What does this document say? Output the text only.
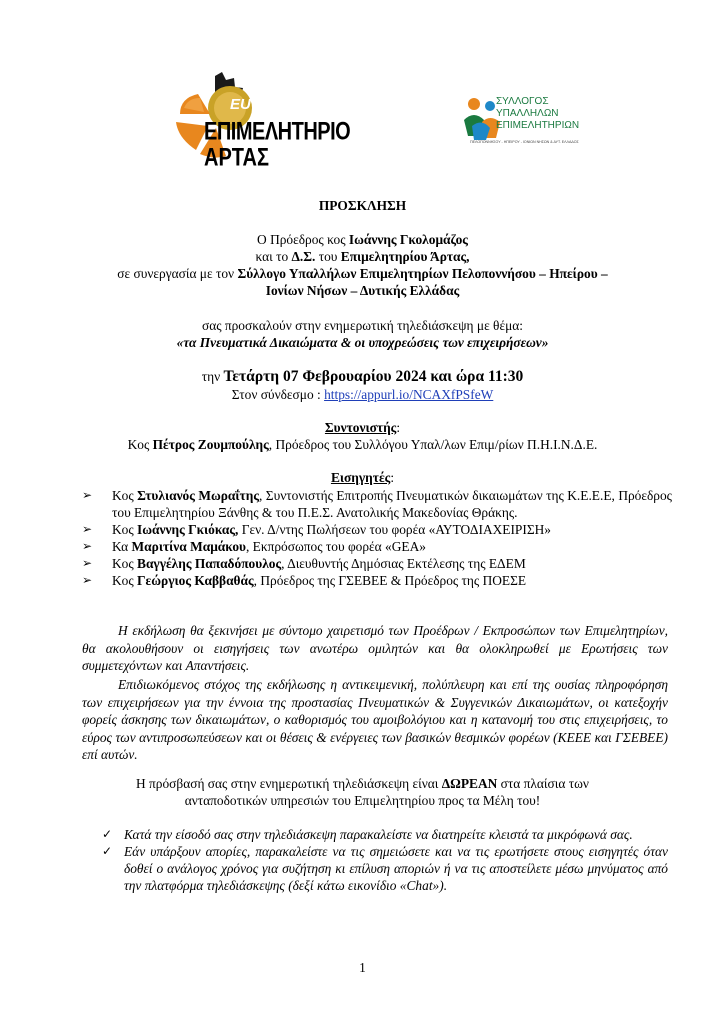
EU
ΕΠΙΜΕΛΗΤΗΡΙΟ
ΑΡΤΑΣ
ΣΥΛΛΟΓΟΣ
ΥΠΑΛΛΗΛΩΝ
ΕΠΙΜΕΛΗΤΗΡΙΩΝ
ΠΕΛΟΠΟΝΝΗΣΟΥ - ΗΠΕΙΡΟΥ - ΙΟΝΙΩΝ ΝΗΣΩΝ & ΔΥΤ. ΕΛΛΑΔΟΣ
ΠΡΟΣΚΛΗΣΗ
Ο Πρόεδρος κος Ιωάννης Γκολομάζος
και το Δ.Σ. του Επιμελητηρίου Άρτας,
σε συνεργασία με τον Σύλλογο Υπαλλήλων Επιμελητηρίων Πελοποννήσου – Ηπείρου –
Ιονίων Νήσων – Δυτικής Ελλάδας
σας προσκαλούν στην ενημερωτική τηλεδιάσκεψη με θέμα:
«τα Πνευματικά Δικαιώματα & οι υποχρεώσεις των επιχειρήσεων»
την Τετάρτη 07 Φεβρουαρίου 2024 και ώρα 11:30
Στον σύνδεσμο : https://appurl.io/NCAXfPSfeW
Συντονιστής:
Κος Πέτρος Ζουμπούλης, Πρόεδρος του Συλλόγου Υπαλ/λων Επιμ/ρίων Π.Η.Ι.Ν.Δ.Ε.
Εισηγητές:
➢ Κος Στυλιανός Μωραΐτης, Συντονιστής Επιτροπής Πνευματικών δικαιωμάτων της Κ.Ε.Ε.Ε, Πρόεδρος του Επιμελητηρίου Ξάνθης & του Π.Ε.Σ. Ανατολικής Μακεδονίας Θράκης.
➢ Κος Ιωάννης Γκιόκας, Γεν. Δ/ντης Πωλήσεων του φορέα «ΑΥΤΟΔΙΑΧΕΙΡΙΣΗ»
➢ Κα Μαριτίνα Μαμάκου, Εκπρόσωπος του φορέα «GEA»
➢ Κος Βαγγέλης Παπαδόπουλος, Διευθυντής Δημόσιας Εκτέλεσης της ΕΔΕΜ
➢ Κος Γεώργιος Καββαθάς, Πρόεδρος της ΓΣΕΒΕΕ & Πρόεδρος της ΠΟΕΣΕ
Η εκδήλωση θα ξεκινήσει με σύντομο χαιρετισμό των Προέδρων / Εκπροσώπων των Επιμελητηρίων, θα ακολουθήσουν οι εισηγήσεις των ανωτέρω ομιλητών και θα ολοκληρωθεί με Ερωτήσεις των συμμετεχόντων και Απαντήσεις.
Επιδιωκόμενος στόχος της εκδήλωσης η αντικειμενική, πολύπλευρη και επί της ουσίας πληροφόρηση των επιχειρήσεων για την έννοια της προστασίας Πνευματικών & Συγγενικών Δικαιωμάτων, οι κατεξοχήν φορείς άσκησης των δικαιωμάτων, ο καθορισμός του αμοιβολόγιου και η κατανομή του στις επιχειρήσεις, το εύρος των αντιπροσωπεύσεων και οι θέσεις & ενέργειες των βασικών θεσμικών φορέων (ΚΕΕΕ και ΓΣΕΒΕΕ) επί αυτών.
Η πρόσβασή σας στην ενημερωτική τηλεδιάσκεψη είναι ΔΩΡΕΑΝ στα πλαίσια των
ανταποδοτικών υπηρεσιών του Επιμελητηρίου προς τα Μέλη του!
✓ Κατά την είσοδό σας στην τηλεδιάσκεψη παρακαλείστε να διατηρείτε κλειστά τα μικρόφωνά σας.
✓ Εάν υπάρξουν απορίες, παρακαλείστε να τις σημειώσετε και να τις ερωτήσετε στους εισηγητές όταν δοθεί ο ανάλογος χρόνος για συζήτηση κι επίλυση αποριών ή να τις αποστείλετε μέσω μηνύματος από την πλατφόρμα τηλεδιάσκεψης (δεξί κάτω εικονίδιο «Chat»).
1
